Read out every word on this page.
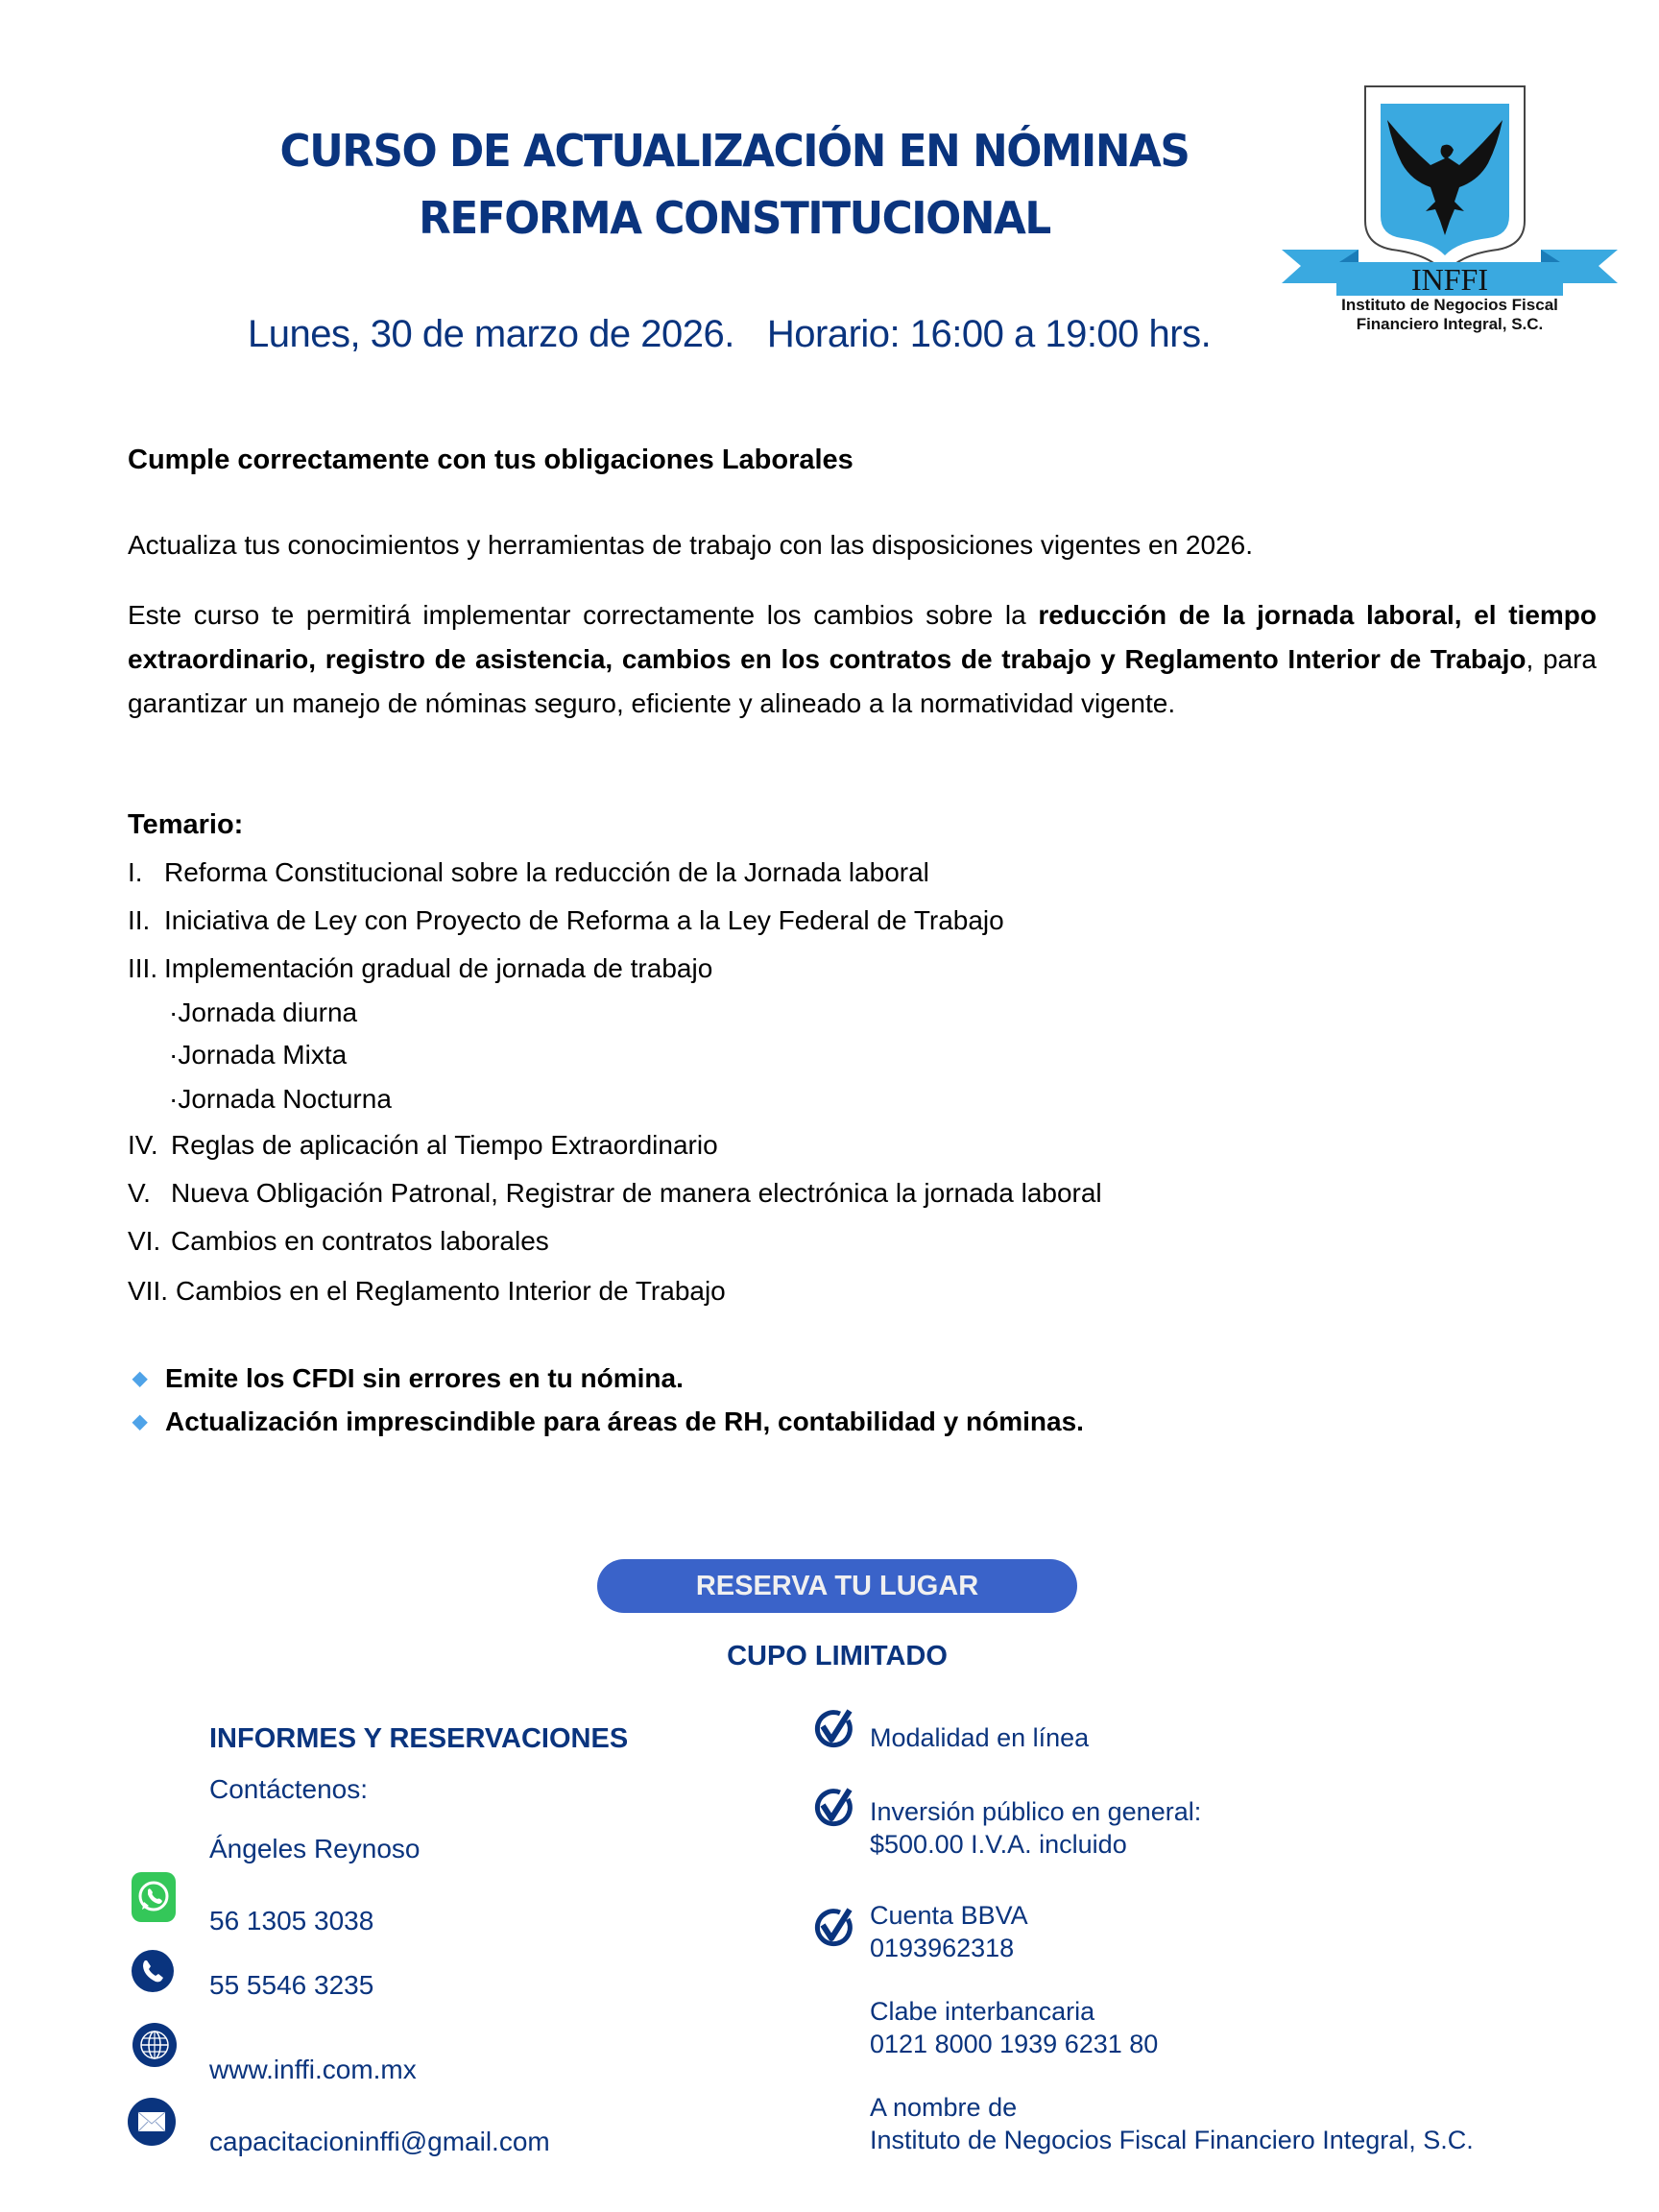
CURSO DE ACTUALIZACIÓN EN NÓMINAS
REFORMA CONSTITUCIONAL
Lunes, 30 de marzo de 2026. Horario: 16:00 a 19:00 hrs.
INFFI
Instituto de Negocios Fiscal
Financiero Integral, S.C.
Cumple correctamente con tus obligaciones Laborales
Actualiza tus conocimientos y herramientas de trabajo con las disposiciones vigentes en 2026.
Este curso te permitirá implementar correctamente los cambios sobre la reducción de la jornada laboral, el tiempo extraordinario, registro de asistencia, cambios en los contratos de trabajo y Reglamento Interior de Trabajo, para garantizar un manejo de nóminas seguro, eficiente y alineado a la normatividad vigente.
Temario:
I. Reforma Constitucional sobre la reducción de la Jornada laboral
II. Iniciativa de Ley con Proyecto de Reforma a la Ley Federal de Trabajo
III. Implementación gradual de jornada de trabajo
·Jornada diurna
·Jornada Mixta
·Jornada Nocturna
IV. Reglas de aplicación al Tiempo Extraordinario
V. Nueva Obligación Patronal, Registrar de manera electrónica la jornada laboral
VI. Cambios en contratos laborales
VII. Cambios en el Reglamento Interior de Trabajo
◆ Emite los CFDI sin errores en tu nómina.
◆ Actualización imprescindible para áreas de RH, contabilidad y nóminas.
RESERVA TU LUGAR
CUPO LIMITADO
INFORMES Y RESERVACIONES
Contáctenos:
Ángeles Reynoso
56 1305 3038
55 5546 3235
www.inffi.com.mx
capacitacioninffi@gmail.com
Modalidad en línea
Inversión público en general:
$500.00 I.V.A. incluido
Cuenta BBVA
0193962318
Clabe interbancaria
0121 8000 1939 6231 80
A nombre de
Instituto de Negocios Fiscal Financiero Integral, S.C.
